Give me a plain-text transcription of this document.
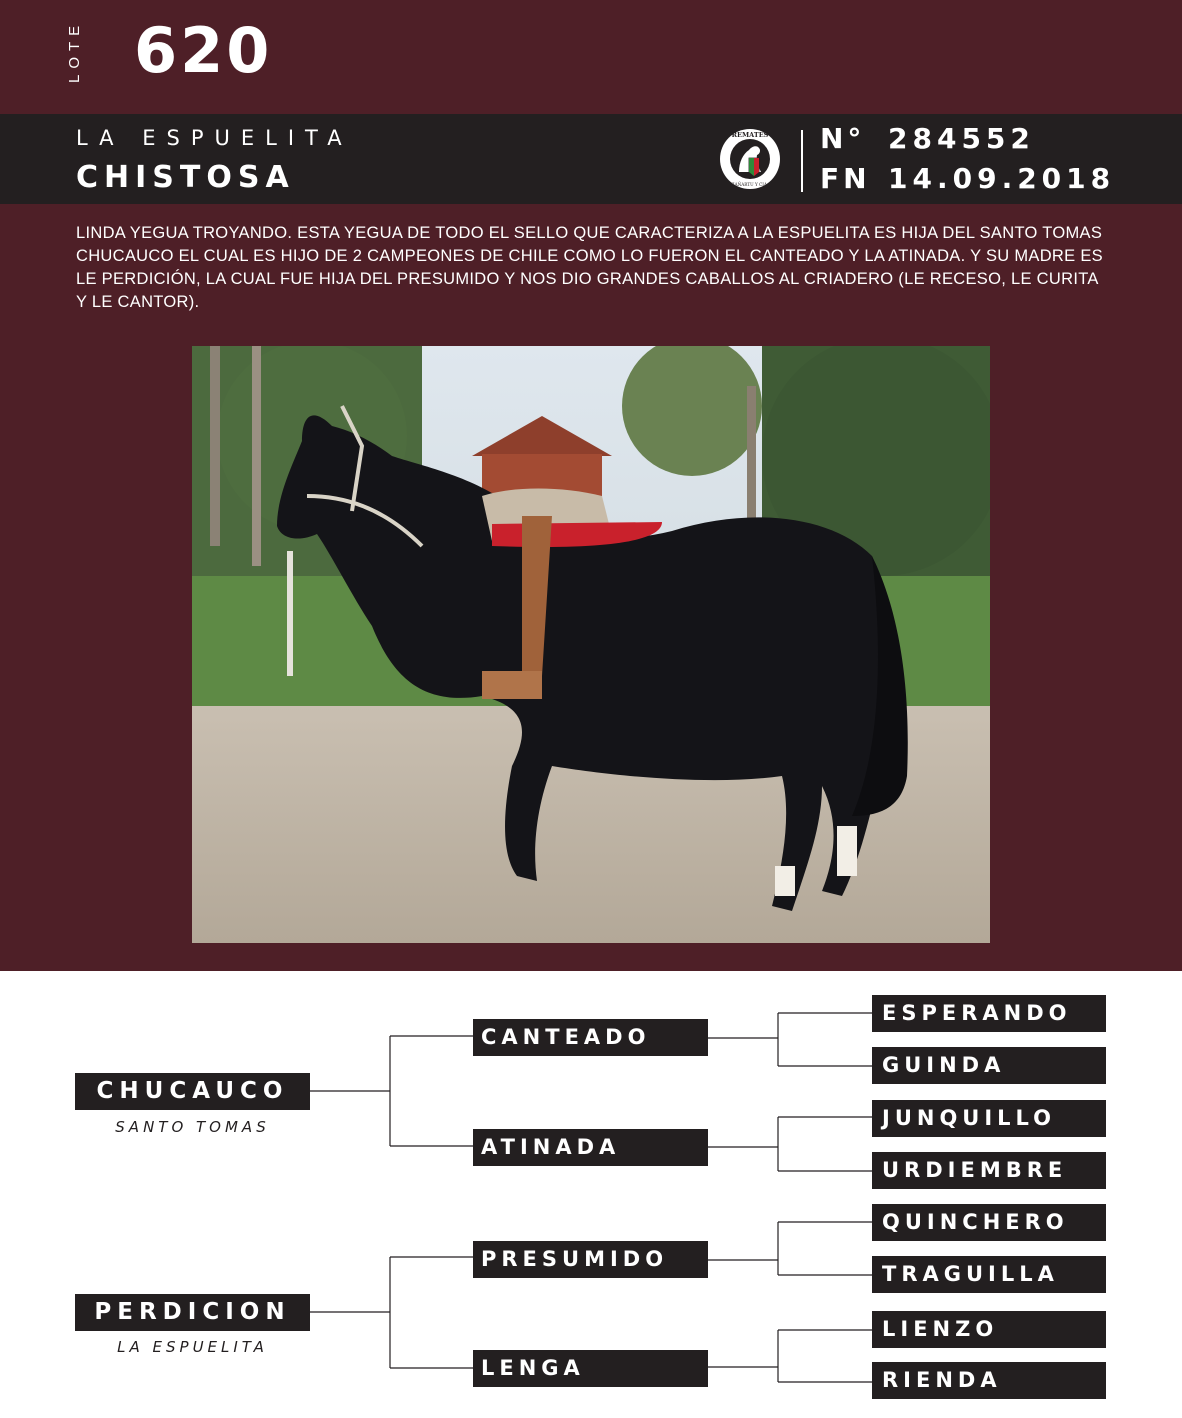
LOTE 620
LA ESPUELITA
CHISTOSA
REMATES
ZAÑARTU Y CIA.
N° 284552
FN 14.09.2018
LINDA YEGUA TROYANDO. ESTA YEGUA DE TODO EL SELLO QUE CARACTERIZA A LA ESPUELITA ES HIJA DEL SANTO TOMAS CHUCAUCO EL CUAL ES HIJO DE 2 CAMPEONES DE CHILE COMO LO FUERON EL CANTEADO Y LA ATINADA. Y SU MADRE ES LE PERDICIÓN, LA CUAL FUE HIJA DEL PRESUMIDO Y NOS DIO GRANDES CABALLOS AL CRIADERO (LE RECESO, LE CURITA Y LE CANTOR).
CHUCAUCO
SANTO TOMAS
PERDICION
LA ESPUELITA
CANTEADO
ATINADA
PRESUMIDO
LENGA
ESPERANDO
GUINDA
JUNQUILLO
URDIEMBRE
QUINCHERO
TRAGUILLA
LIENZO
RIENDA
